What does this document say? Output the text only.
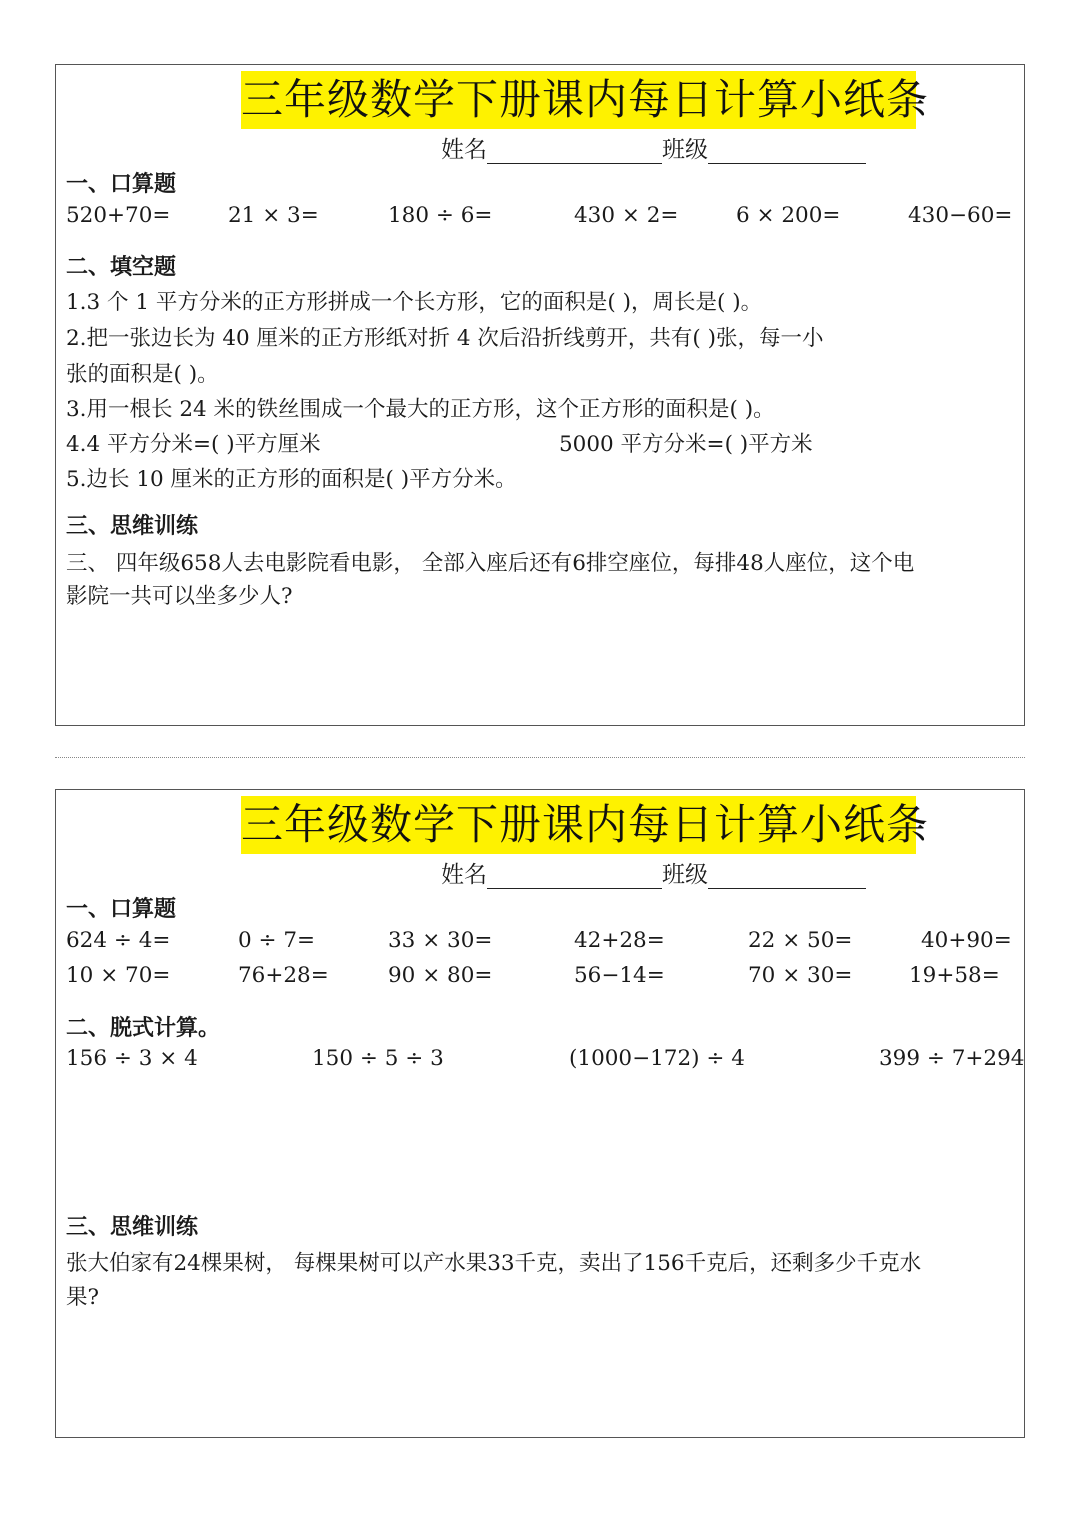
三年级数学下册课内每日计算小纸条
姓名	班级
一、口算题
520+70=	21 × 3=	180 ÷ 6=	430 × 2=	6 × 200=	430−60=
二、填空题
1.3 个 1 平方分米的正方形拼成一个长方形，它的面积是( )，周长是( )。
2.把一张边长为 40 厘米的正方形纸对折 4 次后沿折线剪开，共有( )张，每一小
张的面积是( )。
3.用一根长 24 米的铁丝围成一个最大的正方形，这个正方形的面积是( )。
4.4 平方分米=( )平方厘米	5000 平方分米=( )平方米
5.边长 10 厘米的正方形的面积是( )平方分米。
三、思维训练
三、 四年级658人去电影院看电影， 全部入座后还有6排空座位，每排48人座位，这个电
影院一共可以坐多少人?
三年级数学下册课内每日计算小纸条
姓名	班级
一、口算题
624 ÷ 4=	0 ÷ 7=	33 × 30=	42+28=	22 × 50=	40+90=
10 × 70=	76+28=	90 × 80=	56−14=	70 × 30=	19+58=
二、脱式计算。
156 ÷ 3 × 4	150 ÷ 5 ÷ 3	(1000−172) ÷ 4	399 ÷ 7+294
三、思维训练
张大伯家有24棵果树， 每棵果树可以产水果33千克，卖出了156千克后，还剩多少千克水
果?
